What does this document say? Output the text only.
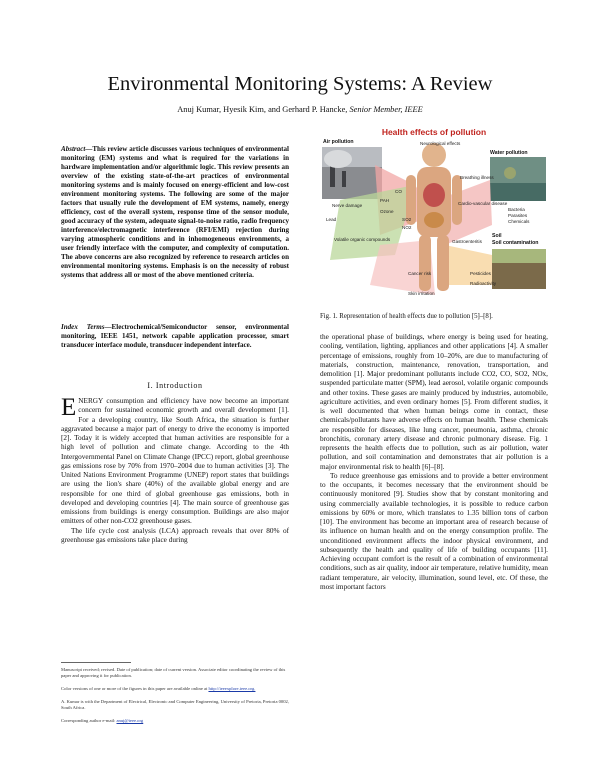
Environmental Monitoring Systems: A Review
Anuj Kumar, Hyesik Kim, and Gerhard P. Hancke, Senior Member, IEEE
Abstract—This review article discusses various techniques of environmental monitoring (EM) systems and what is required for the variations in hardware implementation and/or algorithmic logic. This review presents an overview of the existing state-of-the-art practices of environmental monitoring systems and is mainly focused on energy-efficient and low-cost environment monitoring systems. The following are some of the major factors that usually rule the development of EM systems, namely, energy efficiency, cost of the overall system, response time of the sensor module, good accuracy of the system, adequate signal-to-noise ratio, radio frequency interference/electromagnetic interference (RFI/EMI) rejection during varying atmospheric conditions and in inhomogeneous environments, a user friendly interface with the computer, and complexity of computation. The above concerns are also recognized by reference to research articles on environmental monitoring systems. Emphasis is on the necessity of robust systems that address all or most of the above mentioned criteria.
Index Terms—Electrochemical/Semiconductor sensor, environmental monitoring, IEEE 1451, network capable application processor, smart transducer interface module, transducer independent interface.
I. Introduction

ENERGY consumption and efficiency have now become an important concern for sustained economic growth and overall development [1]. For a developing country, like South Africa, the situation is further aggravated because a major part of energy to drive the economy is imported [2]. Today it is widely accepted that human activities are responsible for a high level of pollution and climate change. According to the 4th Intergovernmental Panel on Climate Change (IPCC) report, global greenhouse gas emissions rose by 70% from 1970–2004 due to human activities [3]. The United Nations Environment Programme (UNEP) report states that buildings are using the lion's share (40%) of the available global energy and are responsible for one third of global greenhouse gas emissions, both in developed and developing countries [4]. The main source of greenhouse gas emissions from buildings is energy consumption. Buildings are also major emitters of other non-CO2 greenhouse gases.

The life cycle cost analysis (LCA) approach reveals that over 80% of greenhouse gas emissions take place during

Manuscript received; revised. Date of publication; date of current version. Associate editor coordinating the review of this paper and approving it for publication.
Color versions of one or more of the figures in this paper are available online at http://ieeexplore.ieee.org.
A. Kumar is with the Department of Electrical, Electronic and Computer Engineering, University of Pretoria, Pretoria 0002, South Africa.
Corresponding author e-mail: anuj@ieee.org
Health effects of pollution
Air pollution
Water pollution
Soil
Soil contamination
Neurological effects
Breathing illness
Cardio-vascular disease
Bacteria
Parasites
Chemicals
Nerve damage
Lead
Ozone
PAH
CO
SO2
NO2
Volatile organic compounds	Gastroenteritis
Cancer risk
Skin irritation
Pesticides
Radioactivity
Fig. 1. Representation of health effects due to pollution [5]–[8].

the operational phase of buildings, where energy is being used for heating, cooling, ventilation, lighting, appliances and other applications [4]. A smaller percentage of emissions, roughly from 10–20%, are due to manufacturing of materials, construction, maintenance, renovation, transportation, and demolition [1]. Major predominant pollutants include CO2, CO, SO2, NOx, suspended particulate matter (SPM), lead aerosol, volatile organic compounds and other toxins. These gases are mainly produced by industries, automobile, agriculture activities, and even ordinary homes [5]. From different studies, it is well documented that when human beings come in contact, these chemicals/pollutants have adverse effects on human health. These chemicals are responsible for diseases, like lung cancer, pneumonia, asthma, chronic bronchitis, coronary artery disease and chronic pulmonary disease. Fig. 1 represents the health effects due to pollution, such as air pollution, water pollution, and soil contamination and demonstrates that air pollution is a major environmental risk to health [6]–[8].

To reduce greenhouse gas emissions and to provide a better environment to the occupants, it becomes necessary that the environment should be continuously monitored [9]. Studies show that by constant monitoring and using commercially available technologies, it is possible to reduce carbon emissions by 60% or more, which translates to 1.35 billion tons of carbon [10]. The environment has become an important area of research because of its influence on human health and on the energy consumption profile. The unconditioned environment affects the indoor physical environment, and subsequently the health and quality of life of building occupants [11]. Achieving occupant comfort is the result of a combination of environmental conditions, such as air quality, indoor air temperature, relative humidity, mean radiant temperature, air velocity, illumination, sound level, etc. Of these, the most important factors
